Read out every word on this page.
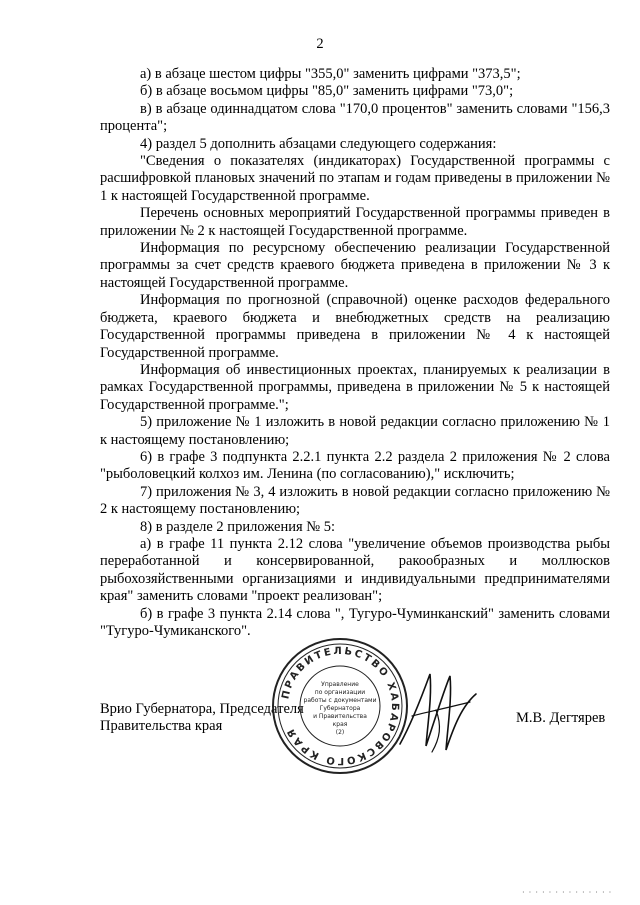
2

а) в абзаце шестом цифры "355,0" заменить цифрами "373,5";

б) в абзаце восьмом цифры "85,0" заменить цифрами "73,0";

в) в абзаце одиннадцатом слова "170,0 процентов" заменить словами "156,3 процента";

4) раздел 5 дополнить абзацами следующего содержания:

"Сведения о показателях (индикаторах) Государственной программы с расшифровкой плановых значений по этапам и годам приведены в приложении № 1 к настоящей Государственной программе.

Перечень основных мероприятий Государственной программы приведен в приложении № 2 к настоящей Государственной программе.

Информация по ресурсному обеспечению реализации Государственной программы за счет средств краевого бюджета приведена в приложении № 3 к настоящей Государственной программе.

Информация по прогнозной (справочной) оценке расходов федерального бюджета, краевого бюджета и внебюджетных средств на реализацию Государственной программы приведена в приложении № 4 к настоящей Государственной программе.

Информация об инвестиционных проектах, планируемых к реализации в рамках Государственной программы, приведена в приложении № 5 к настоящей Государственной программе.";

5) приложение № 1 изложить в новой редакции согласно приложению № 1 к настоящему постановлению;

6) в графе 3 подпункта 2.2.1 пункта 2.2 раздела 2 приложения № 2 слова "рыболовецкий колхоз им. Ленина (по согласованию)," исключить;

7) приложения № 3, 4 изложить в новой редакции согласно приложению № 2 к настоящему постановлению;

8) в разделе 2 приложения № 5:

а) в графе 11 пункта 2.12 слова "увеличение объемов производства рыбы переработанной и консервированной, ракообразных и моллюсков рыбохозяйственными организациями и индивидуальными предпринимателями края" заменить словами "проект реализован";

б) в графе 3 пункта 2.14 слова ", Тугуро-Чуминканский" заменить словами "Тугуро-Чумиканского".

Врио Губернатора, Председателя
Правительства края
М.В. Дегтярев
ПРАВИТЕЛЬСТВО ХАБАРОВСКОГО КРАЯ
Управление
по организации
работы с документами
Губернатора
и Правительства
края
(2)
· · · · · · · · · · · · · ·
